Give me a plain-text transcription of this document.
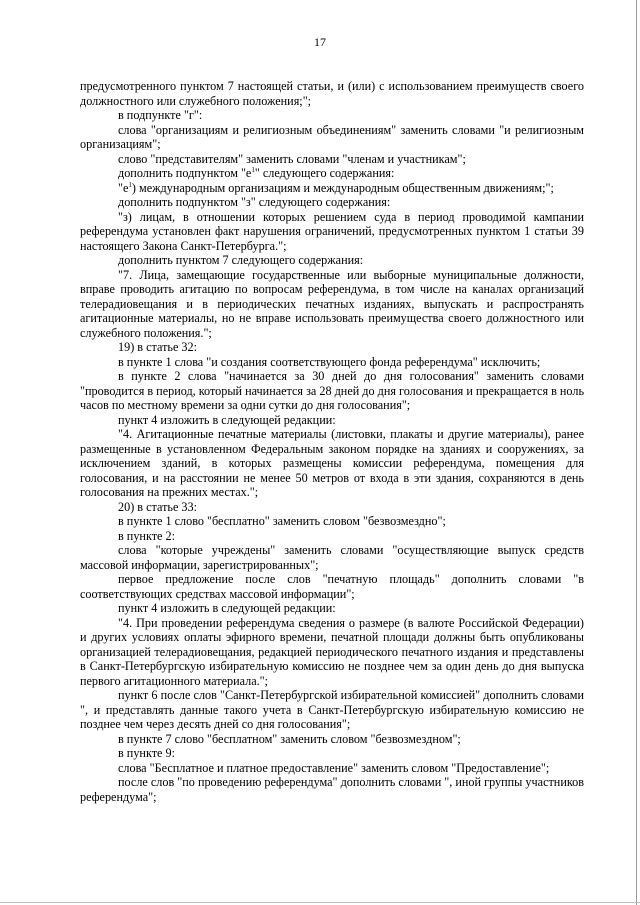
17

предусмотренного пунктом 7 настоящей статьи, и (или) с использованием преимуществ своего должностного или служебного положения;";

в подпункте "г":

слова "организациям и религиозным объединениям" заменить словами "и религиозным организациям";

слово "представителям" заменить словами "членам и участникам";

дополнить подпунктом "$е^1$" следующего содержания:

"$е^1$) международным организациям и международным общественным движениям;";

дополнить подпунктом "з" следующего содержания:

"з) лицам, в отношении которых решением суда в период проводимой кампании референдума установлен факт нарушения ограничений, предусмотренных пунктом 1 статьи 39 настоящего Закона Санкт-Петербурга.";

дополнить пунктом 7 следующего содержания:

"7. Лица, замещающие государственные или выборные муниципальные должности, вправе проводить агитацию по вопросам референдума, в том числе на каналах организаций телерадиовещания и в периодических печатных изданиях, выпускать и распространять агитационные материалы, но не вправе использовать преимущества своего должностного или служебного положения.";

19) в статье 32:

в пункте 1 слова "и создания соответствующего фонда референдума" исключить;

в пункте 2 слова "начинается за 30 дней до дня голосования" заменить словами "проводится в период, который начинается за 28 дней до дня голосования и прекращается в ноль часов по местному времени за одни сутки до дня голосования";

пункт 4 изложить в следующей редакции:

"4. Агитационные печатные материалы (листовки, плакаты и другие материалы), ранее размещенные в установленном Федеральным законом порядке на зданиях и сооружениях, за исключением зданий, в которых размещены комиссии референдума, помещения для голосования, и на расстоянии не менее 50 метров от входа в эти здания, сохраняются в день голосования на прежних местах.";

20) в статье 33:

в пункте 1 слово "бесплатно" заменить словом "безвозмездно";

в пункте 2:

слова "которые учреждены" заменить словами "осуществляющие выпуск средств массовой информации, зарегистрированных";

первое предложение после слов "печатную площадь" дополнить словами "в соответствующих средствах массовой информации";

пункт 4 изложить в следующей редакции:

"4. При проведении референдума сведения о размере (в валюте Российской Федерации) и других условиях оплаты эфирного времени, печатной площади должны быть опубликованы организацией телерадиовещания, редакцией периодического печатного издания и представлены в Санкт-Петербургскую избирательную комиссию не позднее чем за один день до дня выпуска первого агитационного материала.";

пункт 6 после слов "Санкт-Петербургской избирательной комиссией" дополнить словами ", и представлять данные такого учета в Санкт-Петербургскую избирательную комиссию не позднее чем через десять дней со дня голосования";

в пункте 7 слово "бесплатном" заменить словом "безвозмездном";

в пункте 9:

слова "Бесплатное и платное предоставление" заменить словом "Предоставление";

после слов "по проведению референдума" дополнить словами ", иной группы участников референдума";
